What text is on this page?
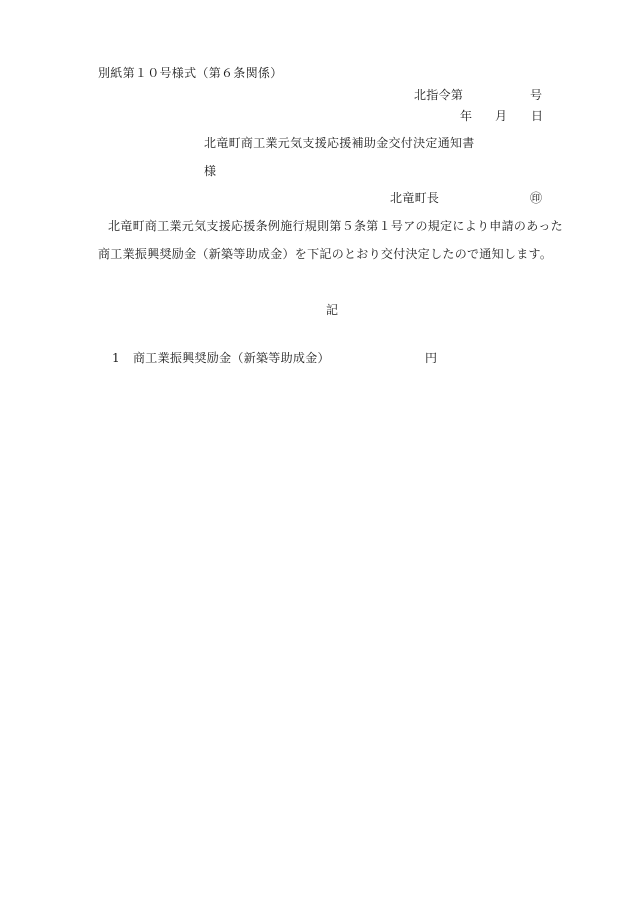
別紙第１０号様式（第６条関係）
北指令第	号
年 月 日
北竜町商工業元気支援応援補助金交付決定通知書
様
北竜町長	㊞
北竜町商工業元気支援応援条例施行規則第５条第１号アの規定により申請のあった
商工業振興奨励金（新築等助成金）を下記のとおり交付決定したので通知します。
記
1 商工業振興奨励金（新築等助成金）	円
